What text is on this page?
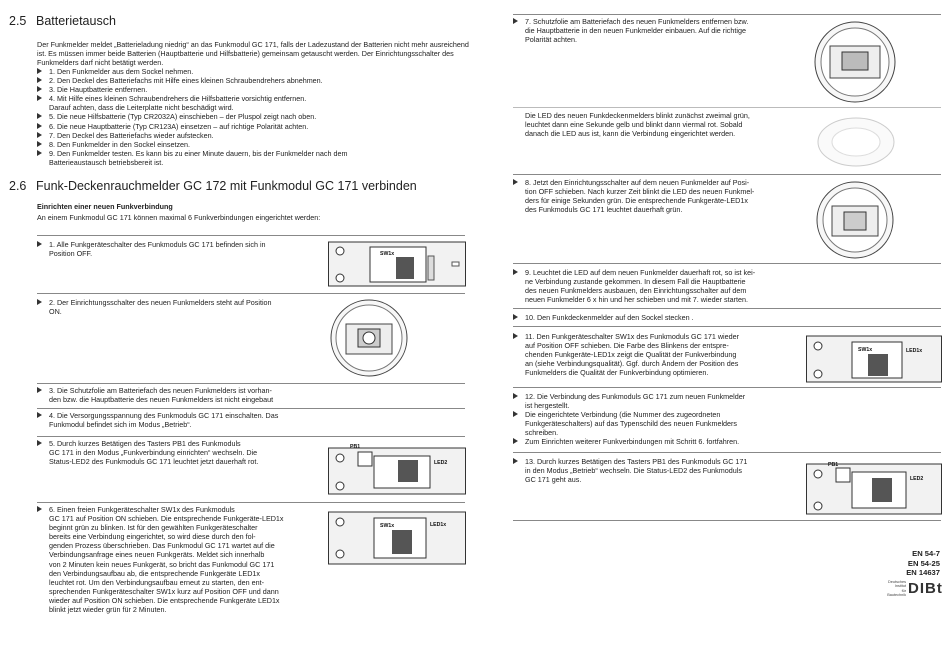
2.5 Batterietausch
Der Funkmelder meldet „Batterieladung niedrig“ an das Funkmodul GC 171, falls der Ladezustand der Batterien nicht mehr ausreichend
ist. Es müssen immer beide Batterien (Hauptbatterie und Hilfsbatterie) gemeinsam getauscht werden. Der Einrichtungsschalter des
Funkmelders darf nicht betätigt werden.
1. Den Funkmelder aus dem Sockel nehmen.
2. Den Deckel des Batteriefachs mit Hilfe eines kleinen Schraubendrehers abnehmen.
3. Die Hauptbatterie entfernen.
4. Mit Hilfe eines kleinen Schraubendrehers die Hilfsbatterie vorsichtig entfernen.
Darauf achten, dass die Leiterplatte nicht beschädigt wird.
5. Die neue Hilfsbatterie (Typ CR2032A) einschieben – der Pluspol zeigt nach oben.
6. Die neue Hauptbatterie (Typ CR123A) einsetzen – auf richtige Polarität achten.
7. Den Deckel des Batteriefachs wieder aufstecken.
8. Den Funkmelder in den Sockel einsetzen.
9. Den Funkmelder testen. Es kann bis zu einer Minute dauern, bis der Funkmelder nach dem
Batterieaustausch betriebsbereit ist.
2.6 Funk-Deckenrauchmelder GC 172 mit Funkmodul GC 171 verbinden
Einrichten einer neuen Funkverbindung
An einem Funkmodul GC 171 können maximal 6 Funkverbindungen eingerichtet werden:
1. Alle Funkgeräteschalter des Funkmoduls GC 171 befinden sich in
Position OFF.
2. Der Einrichtungsschalter des neuen Funkmelders steht auf Position
ON.
3. Die Schutzfolie am Batteriefach des neuen Funkmelders ist vorhan-
den bzw. die Hauptbatterie des neuen Funkmelders ist nicht eingebaut
4. Die Versorgungsspannung des Funkmoduls GC 171 einschalten. Das
Funkmodul befindet sich im Modus „Betrieb“.
5. Durch kurzes Betätigen des Tasters PB1 des Funkmoduls
GC 171 in den Modus „Funkverbindung einrichten“ wechseln. Die
Status-LED2 des Funkmoduls GC 171 leuchtet jetzt dauerhaft rot.
6. Einen freien Funkgeräteschalter SW1x des Funkmoduls
GC 171 auf Position ON schieben. Die entsprechende Funkgeräte-LED1x
beginnt grün zu blinken. Ist für den gewählten Funkgeräteschalter
bereits eine Verbindung eingerichtet, so wird diese durch den fol-
genden Prozess überschrieben. Das Funkmodul GC 171 wartet auf die
Verbindungsanfrage eines neuen Funkgeräts. Meldet sich innerhalb
von 2 Minuten kein neues Funkgerät, so bricht das Funkmodul GC 171
den Verbindungsaufbau ab, die entsprechende Funkgeräte LED1x
leuchtet rot. Um den Verbindungsaufbau erneut zu starten, den ent-
sprechenden Funkgeräteschalter SW1x kurz auf Position OFF und dann
wieder auf Position ON schieben. Die entsprechende Funkgeräte LED1x
blinkt jetzt wieder grün für 2 Minuten.
SW1x
PB1
LED2
SW1x	LED1x
7. Schutzfolie am Batteriefach des neuen Funkmelders entfernen bzw.
die Hauptbatterie in den neuen Funkmelder einbauen. Auf die richtige
Polarität achten.
Die LED des neuen Funkdeckenmelders blinkt zunächst zweimal grün,
leuchtet dann eine Sekunde gelb und blinkt dann viermal rot. Sobald
danach die LED aus ist, kann die Verbindung eingerichtet werden.
8. Jetzt den Einrichtungsschalter auf dem neuen Funkmelder auf Posi-
tion OFF schieben. Nach kurzer Zeit blinkt die LED des neuen Funkmel-
ders für einige Sekunden grün. Die entsprechende Funkgeräte-LED1x
des Funkmoduls GC 171 leuchtet dauerhaft grün.
9. Leuchtet die LED auf dem neuen Funkmelder dauerhaft rot, so ist kei-
ne Verbindung zustande gekommen. In diesem Fall die Hauptbatterie
des neuen Funkmelders ausbauen, den Einrichtungsschalter auf dem
neuen Funkmelder 6 x hin und her schieben und mit 7. wieder starten.
10. Den Funkdeckenmelder auf den Sockel stecken .
11. Den Funkgeräteschalter SW1x des Funkmoduls GC 171 wieder
auf Position OFF schieben. Die Farbe des Blinkens der entspre-
chenden Funkgeräte-LED1x zeigt die Qualität der Funkverbindung
an (siehe Verbindungsqualität). Ggf. durch Ändern der Position des
Funkmelders die Qualität der Funkverbindung optimieren.
12. Die Verbindung des Funkmoduls GC 171 zum neuen Funkmelder
ist hergestellt.
Die eingerichtete Verbindung (die Nummer des zugeordneten
Funkgeräteschalters) auf das Typenschild des neuen Funkmelders
schreiben.
Zum Einrichten weiterer Funkverbindungen mit Schritt 6. fortfahren.
13. Durch kurzes Betätigen des Tasters PB1 des Funkmoduls GC 171
in den Modus „Betrieb“ wechseln. Die Status-LED2 des Funkmoduls
GC 171 geht aus.
SW1x	LED1x
PB1
LED2
EN 54-7
EN 54-25
EN 14637
Deutsches
Institut
für
Bautechnik DIBt
